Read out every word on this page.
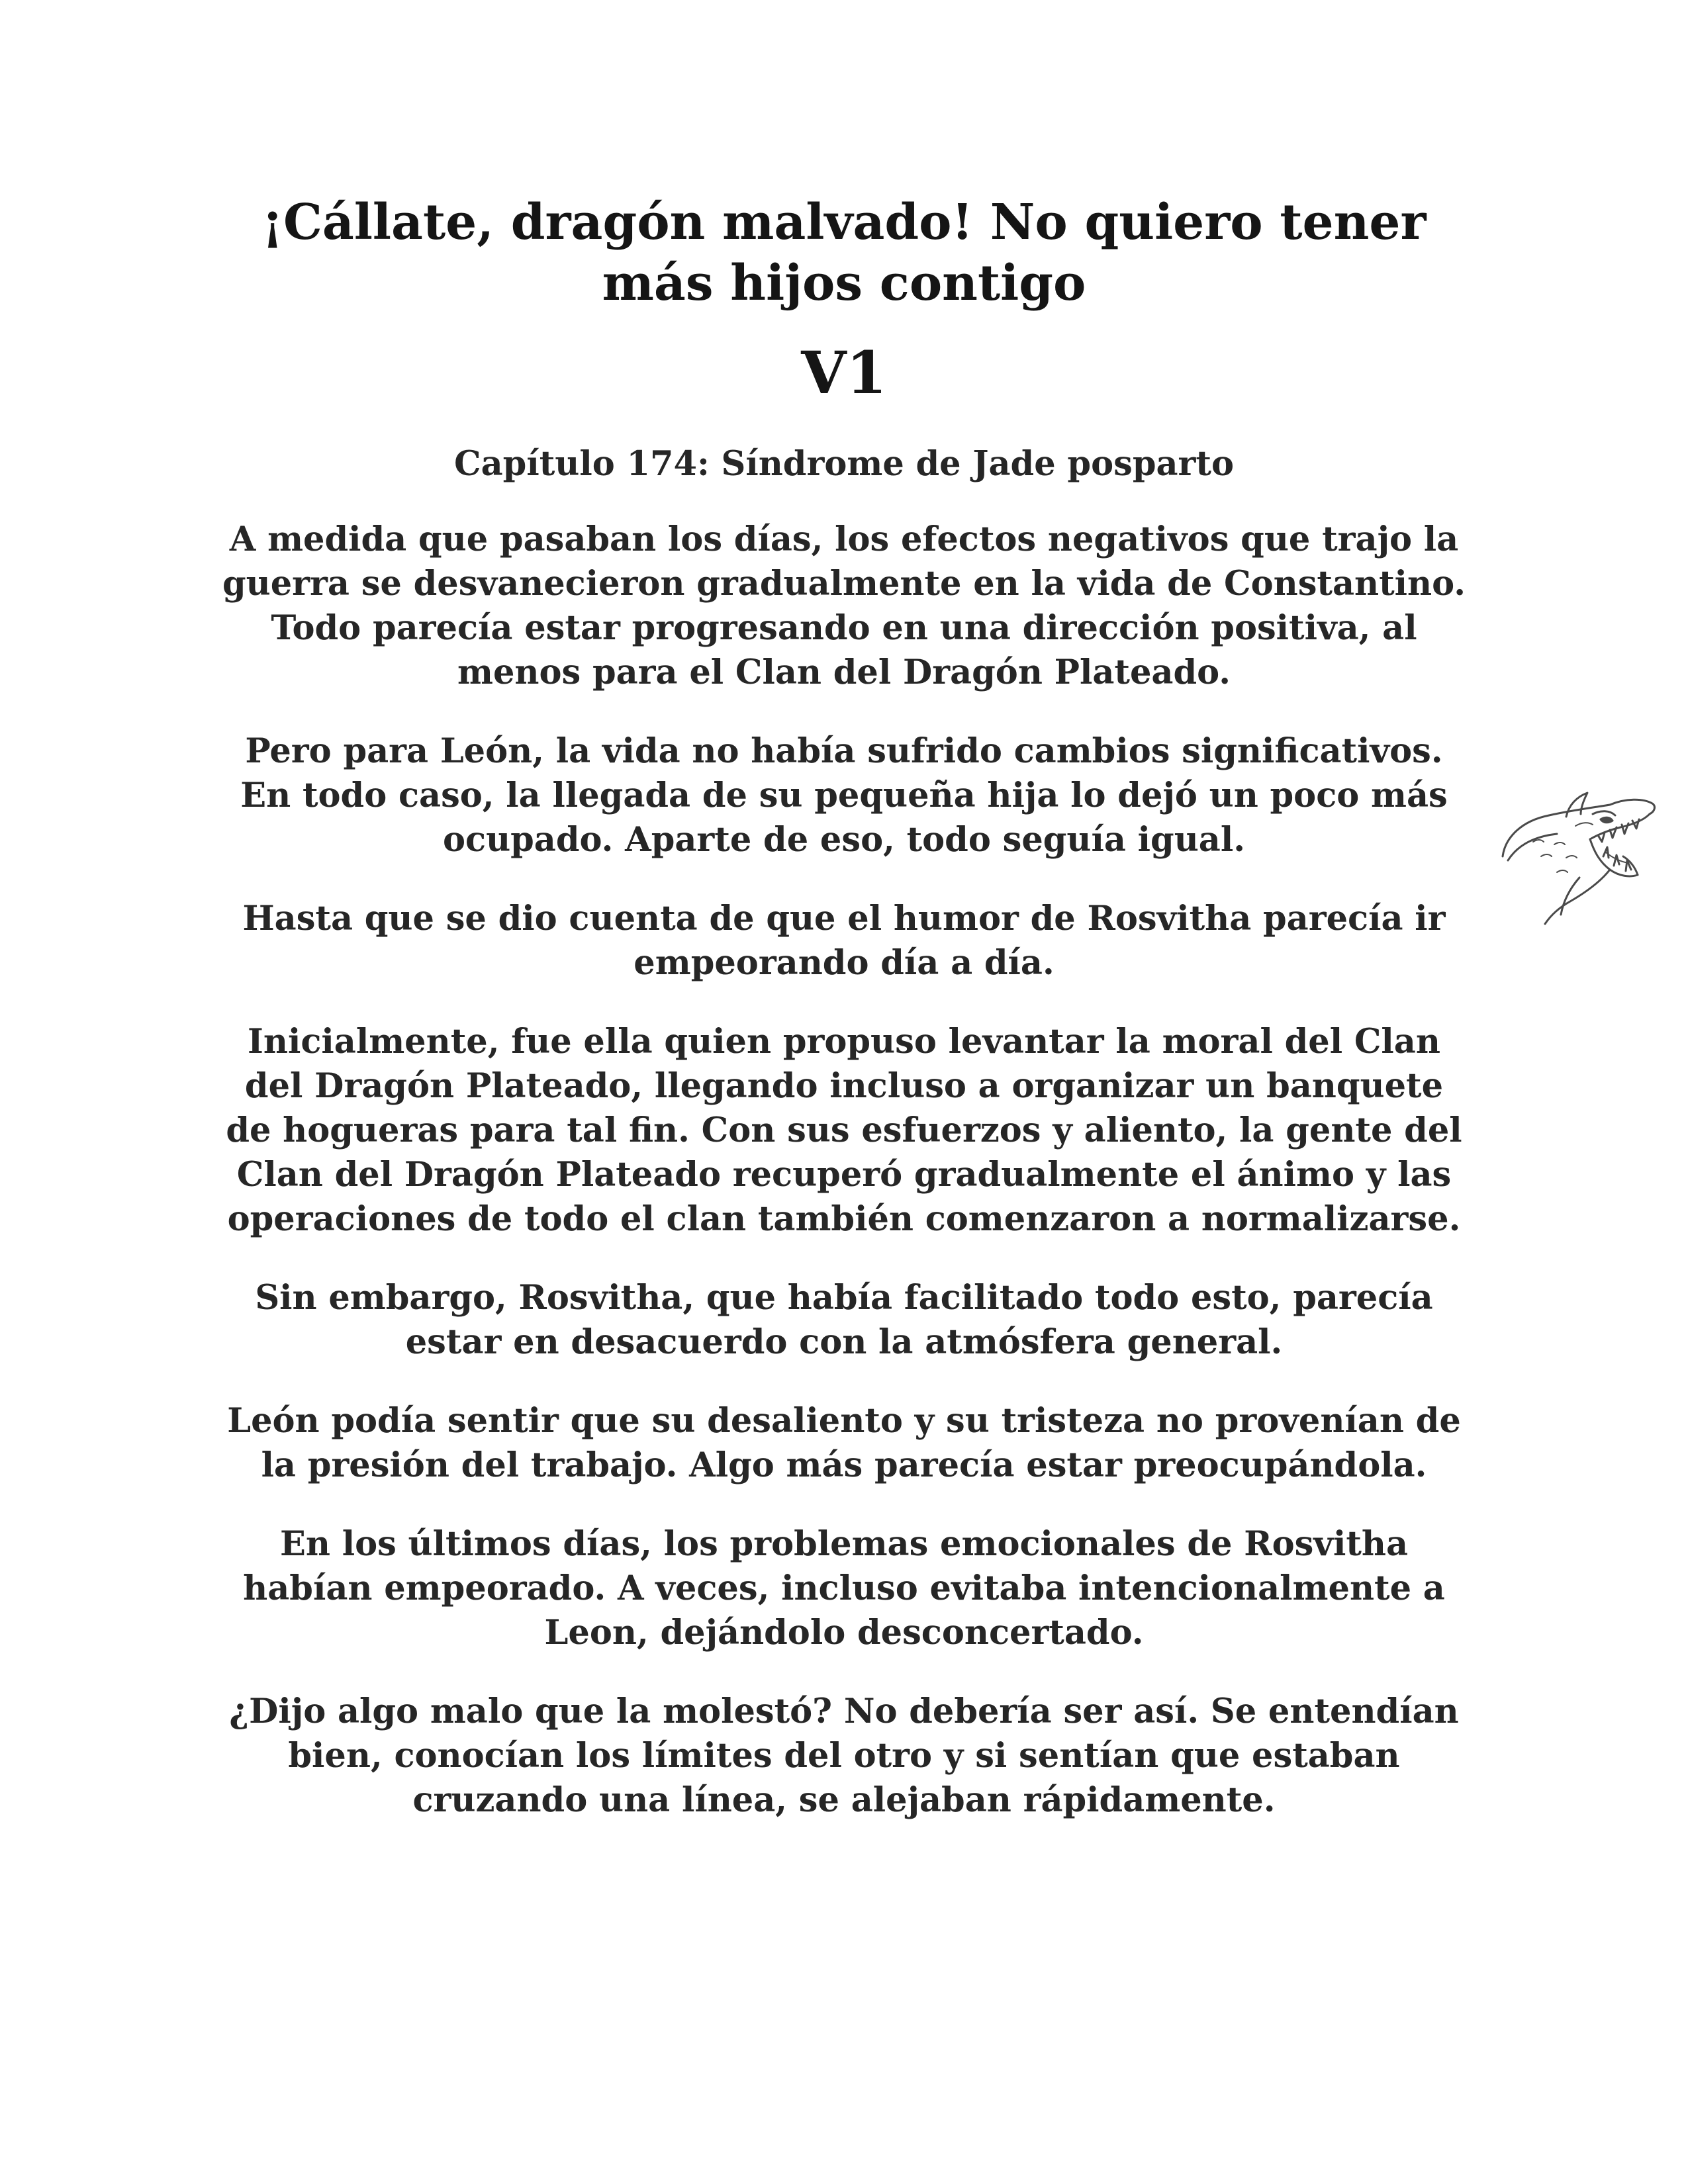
¡Cállate, dragón malvado! No quiero tener más hijos contigo
V1
Capítulo 174: Síndrome de Jade posparto

A medida que pasaban los días, los efectos negativos que trajo la guerra se desvanecieron gradualmente en la vida de Constantino. Todo parecía estar progresando en una dirección positiva, al menos para el Clan del Dragón Plateado.

Pero para León, la vida no había sufrido cambios significativos. En todo caso, la llegada de su pequeña hija lo dejó un poco más ocupado. Aparte de eso, todo seguía igual.

Hasta que se dio cuenta de que el humor de Rosvitha parecía ir empeorando día a día.

Inicialmente, fue ella quien propuso levantar la moral del Clan del Dragón Plateado, llegando incluso a organizar un banquete de hogueras para tal fin. Con sus esfuerzos y aliento, la gente del Clan del Dragón Plateado recuperó gradualmente el ánimo y las operaciones de todo el clan también comenzaron a normalizarse.

Sin embargo, Rosvitha, que había facilitado todo esto, parecía estar en desacuerdo con la atmósfera general.

León podía sentir que su desaliento y su tristeza no provenían de la presión del trabajo. Algo más parecía estar preocupándola.

En los últimos días, los problemas emocionales de Rosvitha habían empeorado. A veces, incluso evitaba intencionalmente a Leon, dejándolo desconcertado.

¿Dijo algo malo que la molestó? No debería ser así. Se entendían bien, conocían los límites del otro y si sentían que estaban cruzando una línea, se alejaban rápidamente.
